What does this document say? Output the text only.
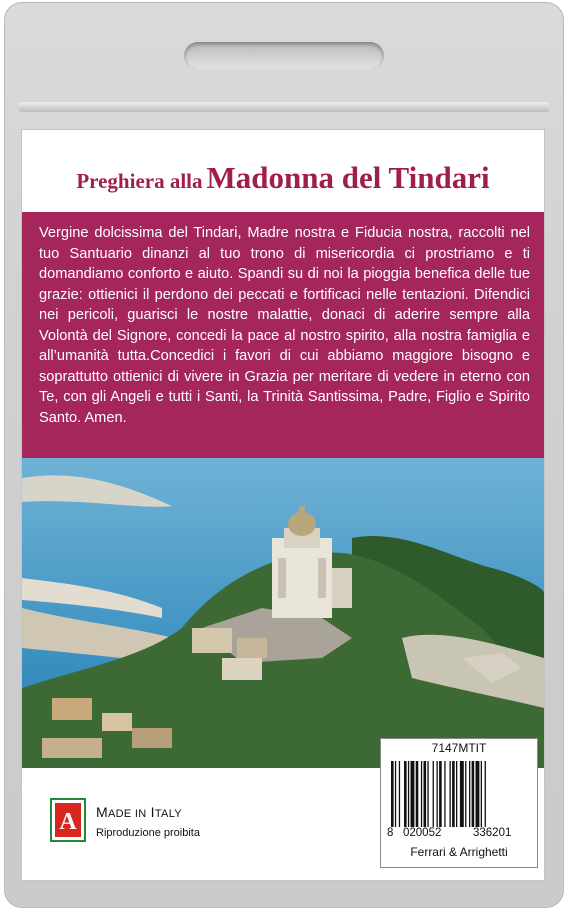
Preghiera alla Madonna del Tindari

Vergine dolcissima del Tindari, Madre nostra e Fiducia nostra, raccolti nel tuo Santuario dinanzi al tuo trono di misericordia ci prostriamo e ti domandiamo conforto e aiuto. Spandi su di noi la pioggia benefica delle tue grazie: ottienici il perdono dei peccati e fortificaci nelle tentazioni. Difendici nei pericoli, guarisci le nostre malattie, donaci di aderire sempre alla Volontà del Signore, concedi la pace al nostro spirito, alla nostra famiglia e all’umanità tutta.Concedici i favori di cui abbiamo maggiore bisogno e soprattutto ottienici di vivere in Grazia per meritare di vedere in eterno con Te, con gli Angeli e tutti i Santi, la Trinità Santissima, Padre, Figlio e Spirito Santo. Amen.

7147MTIT
8 020052	336201
Ferrari & Arrighetti
A	MADE IN ITALY
Riproduzione proibita
